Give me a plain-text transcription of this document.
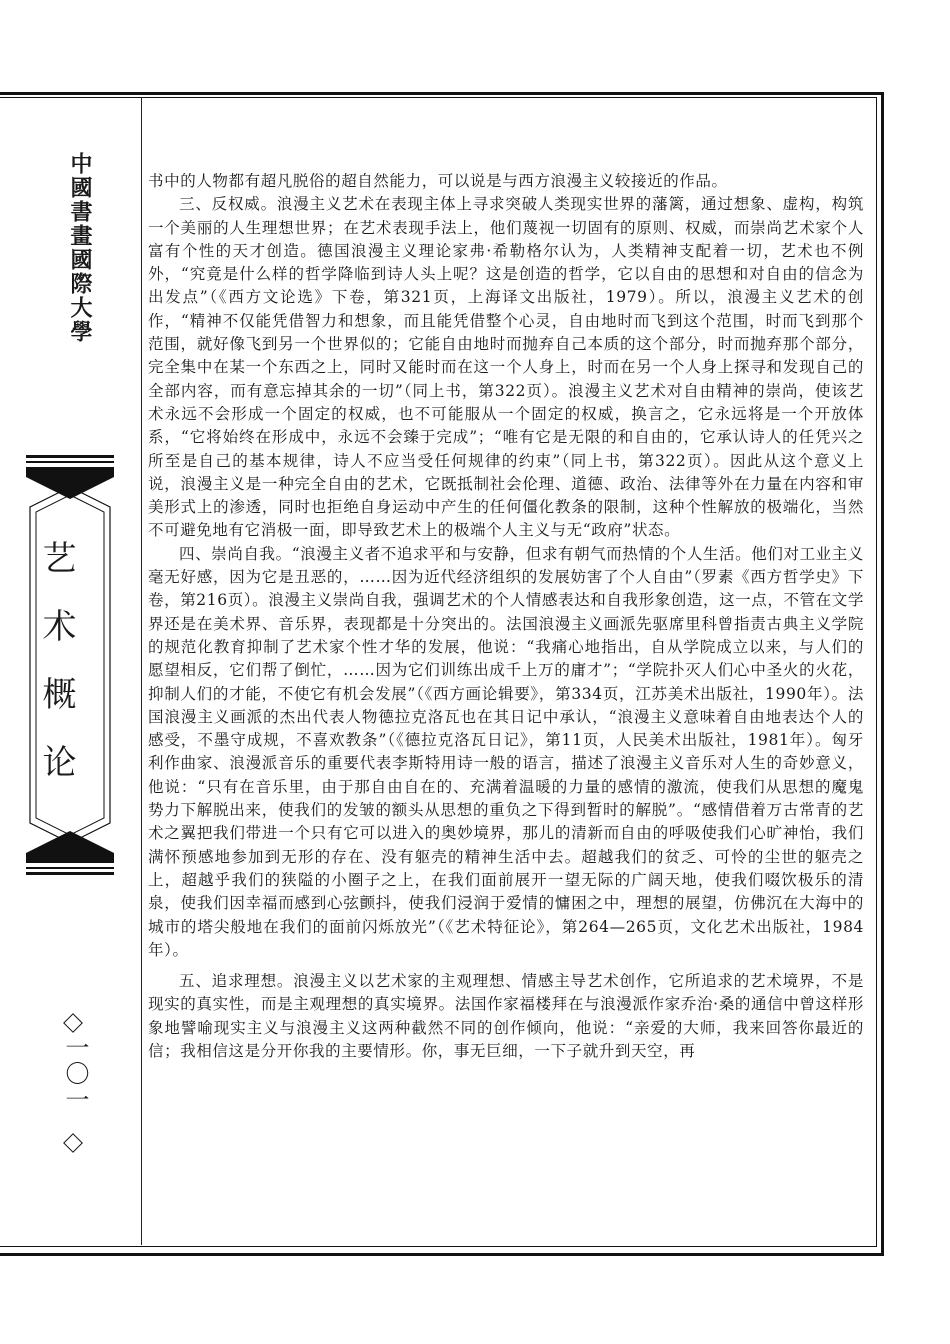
中國書畫國際大學
艺术概论
一〇一

书中的人物都有超凡脱俗的超自然能力，可以说是与西方浪漫主义较接近的作品。

三、反权威。浪漫主义艺术在表现主体上寻求突破人类现实世界的藩篱，通过想象、虚构，构筑一个美丽的人生理想世界；在艺术表现手法上，他们蔑视一切固有的原则、权威，而崇尚艺术家个人富有个性的天才创造。德国浪漫主义理论家弗·希勒格尔认为，人类精神支配着一切，艺术也不例外，“究竟是什么样的哲学降临到诗人头上呢？这是创造的哲学，它以自由的思想和对自由的信念为出发点”（《西方文论选》下卷，第321页，上海译文出版社，1979）。所以，浪漫主义艺术的创作，“精神不仅能凭借智力和想象，而且能凭借整个心灵，自由地时而飞到这个范围，时而飞到那个范围，就好像飞到另一个世界似的；它能自由地时而抛弃自己本质的这个部分，时而抛弃那个部分，完全集中在某一个东西之上，同时又能时而在这一个人身上，时而在另一个人身上探寻和发现自己的全部内容，而有意忘掉其余的一切”（同上书，第322页）。浪漫主义艺术对自由精神的崇尚，使该艺术永远不会形成一个固定的权威，也不可能服从一个固定的权威，换言之，它永远将是一个开放体系，“它将始终在形成中，永远不会臻于完成”；“唯有它是无限的和自由的，它承认诗人的任凭兴之所至是自己的基本规律，诗人不应当受任何规律的约束”（同上书，第322页）。因此从这个意义上说，浪漫主义是一种完全自由的艺术，它既抵制社会伦理、道德、政治、法律等外在力量在内容和审美形式上的渗透，同时也拒绝自身运动中产生的任何僵化教条的限制，这种个性解放的极端化，当然不可避免地有它消极一面，即导致艺术上的极端个人主义与无“政府”状态。

四、崇尚自我。“浪漫主义者不追求平和与安静，但求有朝气而热情的个人生活。他们对工业主义毫无好感，因为它是丑恶的，……因为近代经济组织的发展妨害了个人自由”（罗素《西方哲学史》下卷，第216页）。浪漫主义崇尚自我，强调艺术的个人情感表达和自我形象创造，这一点，不管在文学界还是在美术界、音乐界，表现都是十分突出的。法国浪漫主义画派先驱席里科曾指责古典主义学院的规范化教育抑制了艺术家个性才华的发展，他说：“我痛心地指出，自从学院成立以来，与人们的愿望相反，它们帮了倒忙，……因为它们训练出成千上万的庸才”；“学院扑灭人们心中圣火的火花，抑制人们的才能，不使它有机会发展”（《西方画论辑要》，第334页，江苏美术出版社，1990年）。法国浪漫主义画派的杰出代表人物德拉克洛瓦也在其日记中承认，“浪漫主义意味着自由地表达个人的感受，不墨守成规，不喜欢教条”（《德拉克洛瓦日记》，第11页，人民美术出版社，1981年）。匈牙利作曲家、浪漫派音乐的重要代表李斯特用诗一般的语言，描述了浪漫主义音乐对人生的奇妙意义，他说：“只有在音乐里，由于那自由自在的、充满着温暖的力量的感情的激流，使我们从思想的魔鬼势力下解脱出来，使我们的发皱的额头从思想的重负之下得到暂时的解脱”。“感情借着万古常青的艺术之翼把我们带进一个只有它可以进入的奥妙境界，那儿的清新而自由的呼吸使我们心旷神怡，我们满怀预感地参加到无形的存在、没有躯壳的精神生活中去。超越我们的贫乏、可怜的尘世的躯壳之上，超越乎我们的狭隘的小圈子之上，在我们面前展开一望无际的广阔天地，使我们啜饮极乐的清泉，使我们因幸福而感到心弦颤抖，使我们浸润于爱情的慵困之中，理想的展望，仿佛沉在大海中的城市的塔尖般地在我们的面前闪烁放光”（《艺术特征论》，第264—265页，文化艺术出版社，1984年）。

五、追求理想。浪漫主义以艺术家的主观理想、情感主导艺术创作，它所追求的艺术境界，不是现实的真实性，而是主观理想的真实境界。法国作家福楼拜在与浪漫派作家乔治·桑的通信中曾这样形象地譬喻现实主义与浪漫主义这两种截然不同的创作倾向，他说：“亲爱的大师，我来回答你最近的信；我相信这是分开你我的主要情形。你，事无巨细，一下子就升到天空，再
